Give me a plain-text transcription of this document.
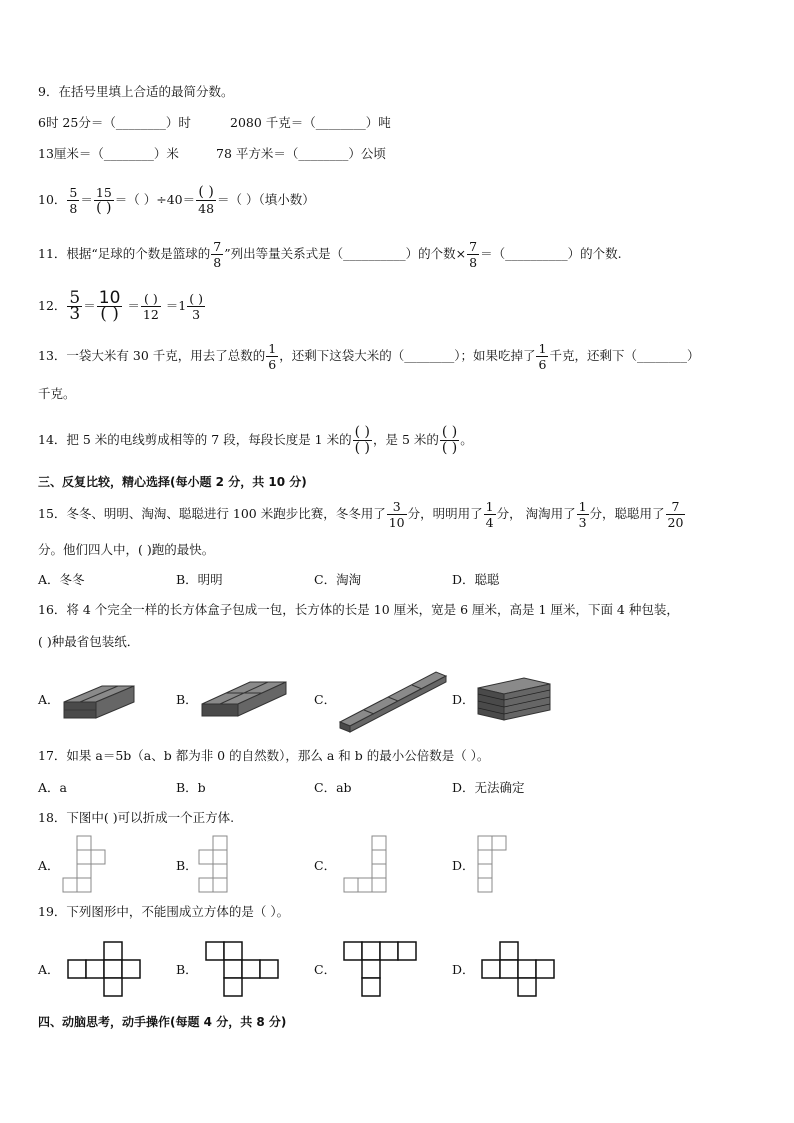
9．在括号里填上合适的最简分数。
6时 25分＝（________）时	2080 千克＝（________）吨
13厘米＝（________）米	78 平方米＝（________）公顷
10． $\frac{5}{8} = \frac{15}{( )}$ ＝（ ）$\div 40= \frac{( )}{48}$ ＝（ ）（填小数）
11．根据“足球的个数是篮球的 $\frac{7}{8}$ ”列出等量关系式是（__________）的个数× $\frac{7}{8}$ ＝（__________）的个数.
12． $\frac{5}{3} = \frac{10}{( )} = \frac{( )}{12} =1 \frac{( )}{3}$
13．一袋大米有 30 千克，用去了总数的 $\frac{1}{6}$ ，还剩下这袋大米的（________）；如果吃掉了 $\frac{1}{6}$ 千克，还剩下（________）
千克。
14．把 5 米的电线剪成相等的 7 段，每段长度是 1 米的 $\frac{( )}{( )}$ ，是 5 米的 $\frac{( )}{( )}$ 。
三、反复比较，精心选择(每小题 2 分，共 10 分)
15．冬冬、明明、淘淘、聪聪进行 100 米跑步比赛，冬冬用了 $\frac{3}{10}$ 分，明明用了 $\frac{1}{4}$ 分， 淘淘用了 $\frac{1}{3}$ 分，聪聪用了 $\frac{7}{20}$
分。他们四人中，( )跑的最快。
A．冬冬	B．明明	C．淘淘	D．聪聪
16．将 4 个完全一样的长方体盒子包成一包，长方体的长是 10 厘米，宽是 6 厘米，高是 1 厘米，下面 4 种包装，
( )种最省包装纸．
A．	B．	C．	D．
17．如果 a＝5b（a、b 都为非 0 的自然数），那么 a 和 b 的最小公倍数是（ ）。
A．a	B．b	C．ab	D．无法确定
18．下图中( )可以折成一个正方体.
A．	B．	C．	D．
19．下列图形中，不能围成立方体的是（ ）。
A．	B．	C．	D．
四、动脑思考，动手操作(每题 4 分，共 8 分)
